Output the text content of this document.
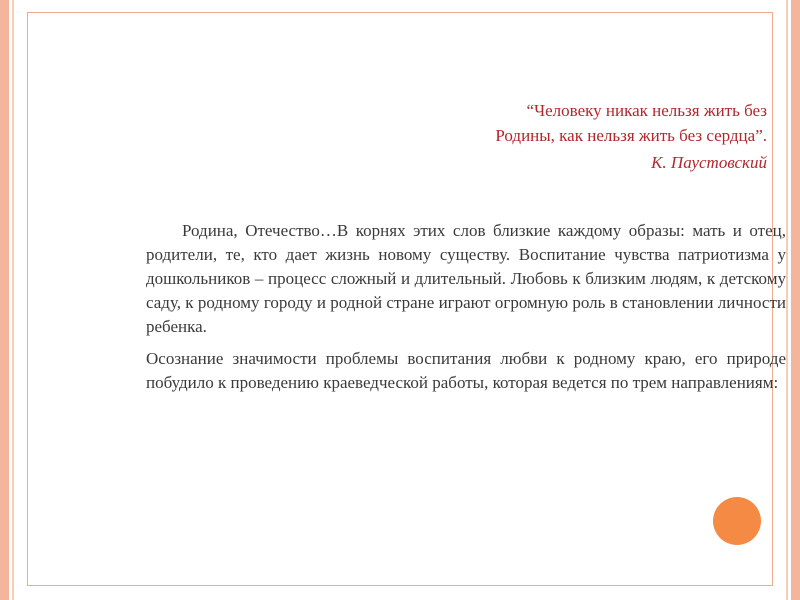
“Человеку никак нельзя жить без
Родины, как нельзя жить без сердца”.
К. Паустовский

Родина, Отечество…В корнях этих слов близкие каждому образы: мать и отец, родители, те, кто дает жизнь новому существу. Воспитание чувства патриотизма у дошкольников – процесс сложный и длительный. Любовь к близким людям, к детскому саду, к родному городу и родной стране играют огромную роль в становлении личности ребенка.

Осознание значимости проблемы воспитания любви к родному краю, его природе побудило к проведению краеведческой работы, которая ведется по трем направлениям:
